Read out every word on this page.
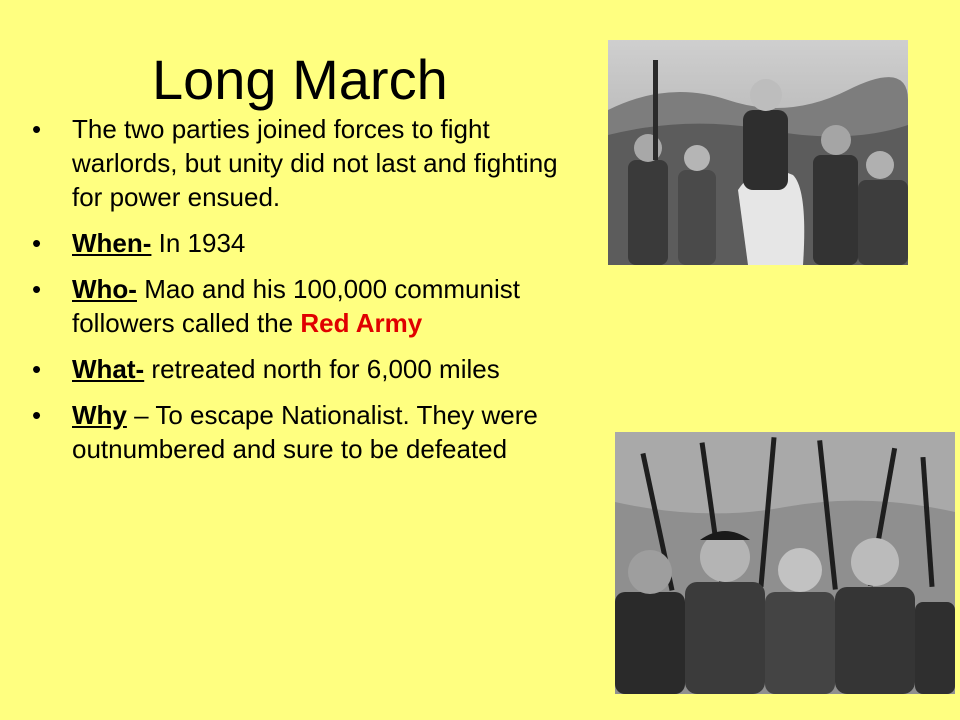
Long March
•	The two parties joined forces to fight warlords, but unity did not last and fighting for power ensued.
•	When- In 1934
•	Who- Mao and his 100,000 communist followers called the Red Army
•	What- retreated north for 6,000 miles
•	Why – To escape Nationalist. They were outnumbered and sure to be defeated
